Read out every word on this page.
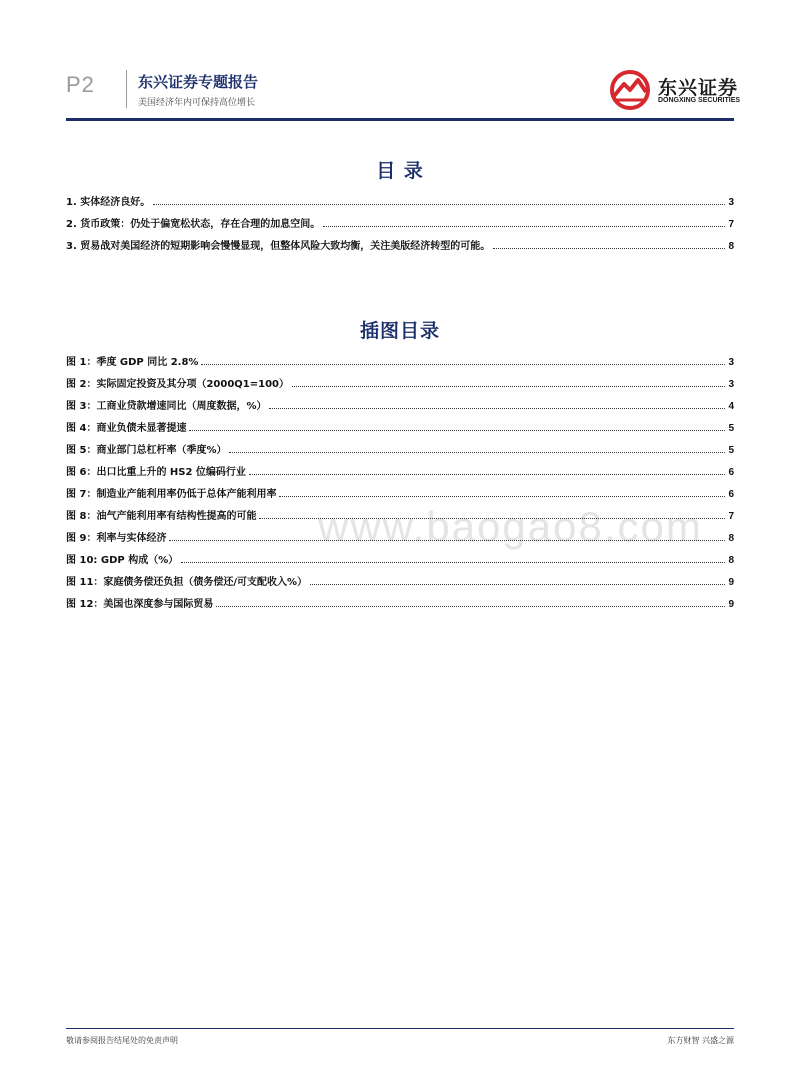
P2	东兴证券专题报告
美国经济年内可保持高位增长
东兴证券
DONGXING SECURITIES
目 录
1. 实体经济良好。	3
2. 货币政策：仍处于偏宽松状态，存在合理的加息空间。	7
3. 贸易战对美国经济的短期影响会慢慢显现，但整体风险大致均衡，关注美版经济转型的可能。	8
插图目录
www.baogao8.com
图 1：季度 GDP 同比 2.8%	3
图 2：实际固定投资及其分项（2000Q1=100）	3
图 3：工商业贷款增速同比（周度数据，%）	4
图 4：商业负债未显著提速	5
图 5：商业部门总杠杆率（季度%）	5
图 6：出口比重上升的 HS2 位编码行业	6
图 7：制造业产能利用率仍低于总体产能利用率	6
图 8：油气产能利用率有结构性提高的可能	7
图 9：利率与实体经济	8
图 10: GDP 构成（%）	8
图 11：家庭债务偿还负担（债务偿还/可支配收入%）	9
图 12：美国也深度参与国际贸易	9
敬请参阅报告结尾处的免责声明	东方财智 兴盛之源
